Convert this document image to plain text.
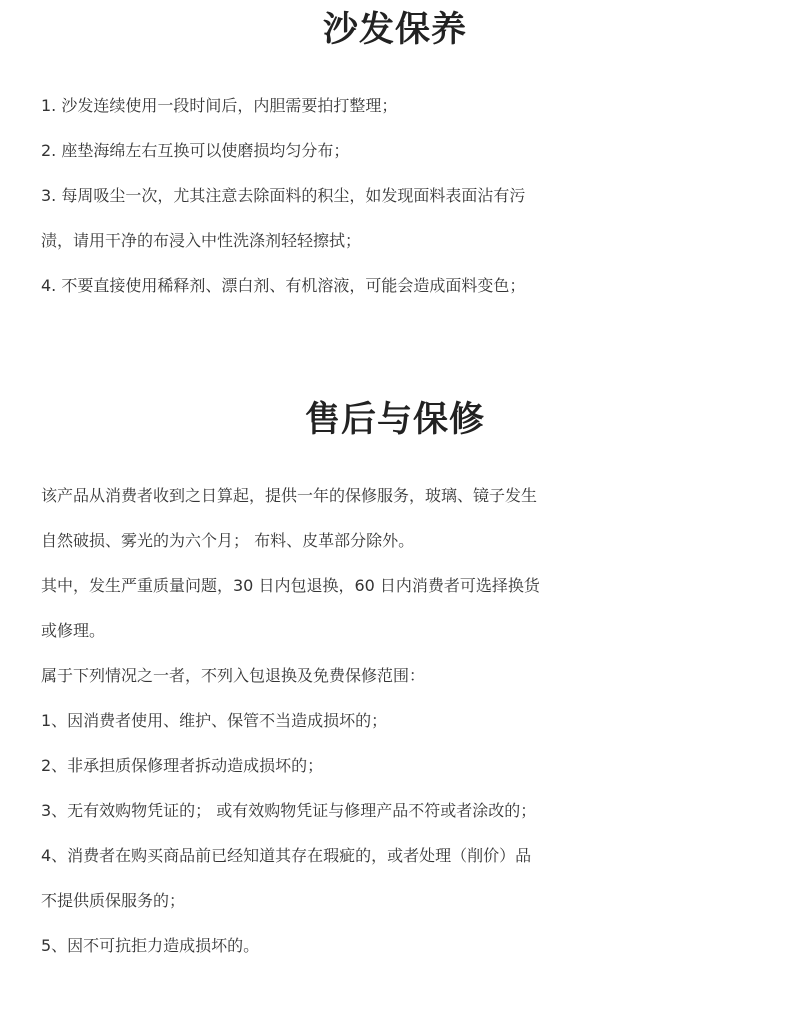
沙发保养

1. 沙发连续使用一段时间后，内胆需要拍打整理；

2. 座垫海绵左右互换可以使磨损均匀分布；

3. 每周吸尘一次，尤其注意去除面料的积尘，如发现面料表面沾有污

渍，请用干净的布浸入中性洗涤剂轻轻擦拭；

4. 不要直接使用稀释剂、漂白剂、有机溶液，可能会造成面料变色；

售后与保修

该产品从消费者收到之日算起，提供一年的保修服务，玻璃、镜子发生

自然破损、雾光的为六个月； 布料、皮革部分除外。

其中，发生严重质量问题，30 日内包退换，60 日内消费者可选择换货

或修理。

属于下列情况之一者，不列入包退换及免费保修范围：

1、因消费者使用、维护、保管不当造成损坏的；

2、非承担质保修理者拆动造成损坏的；

3、无有效购物凭证的； 或有效购物凭证与修理产品不符或者涂改的；

4、消费者在购买商品前已经知道其存在瑕疵的，或者处理（削价）品

不提供质保服务的；

5、因不可抗拒力造成损坏的。
